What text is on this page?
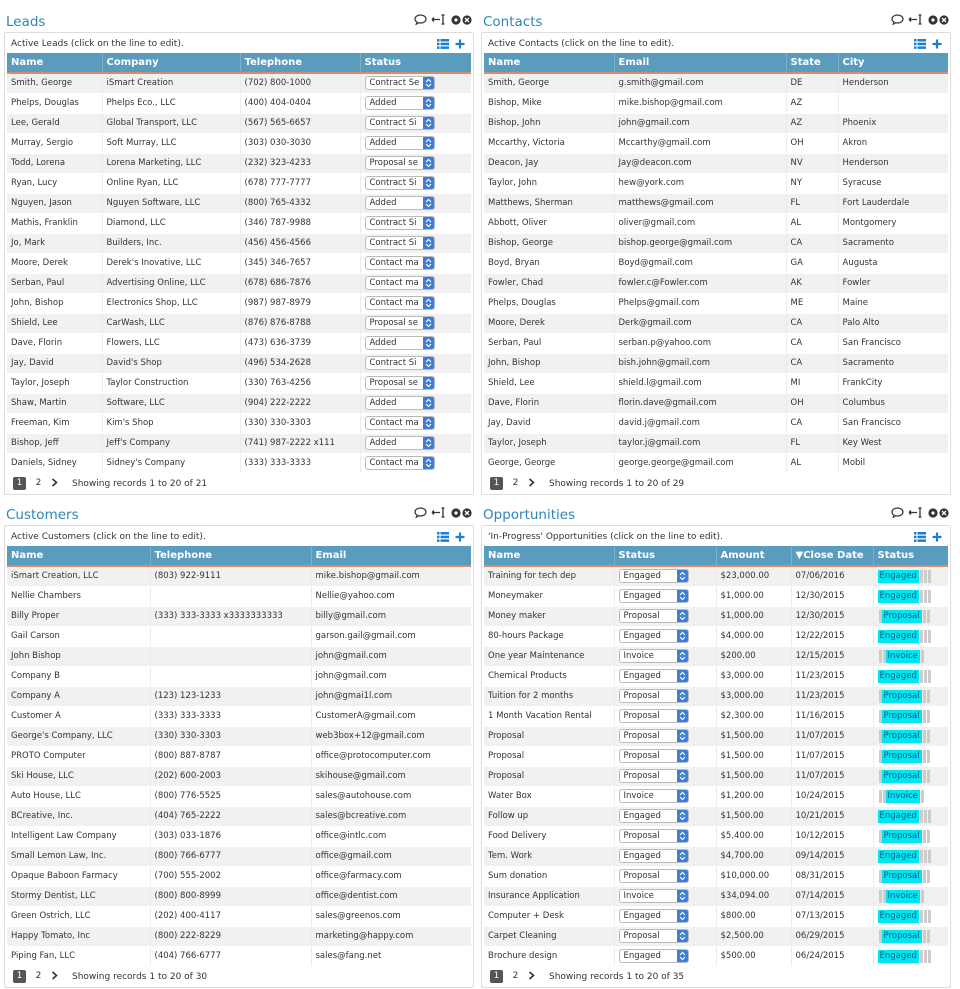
Leads
Active Leads (click on the line to edit).
Name	Company	Telephone	Status
Smith, George	iSmart Creation	(702) 800-1000	Contract Se

Phelps, Douglas	Phelps Eco., LLC	(400) 404-0404	Added

Lee, Gerald	Global Transport, LLC	(567) 565-6657	Contract Si

Murray, Sergio	Soft Murray, LLC	(303) 030-3030	Added

Todd, Lorena	Lorena Marketing, LLC	(232) 323-4233	Proposal se

Ryan, Lucy	Online Ryan, LLC	(678) 777-7777	Contract Si

Nguyen, Jason	Nguyen Software, LLC	(800) 765-4332	Added

Mathis, Franklin	Diamond, LLC	(346) 787-9988	Contract Si

Jo, Mark	Builders, Inc.	(456) 456-4566	Contract Si

Moore, Derek	Derek's Inovative, LLC	(345) 346-7657	Contact ma

Serban, Paul	Advertising Online, LLC	(678) 686-7876	Contact ma

John, Bishop	Electronics Shop, LLC	(987) 987-8979	Contact ma

Shield, Lee	CarWash, LLC	(876) 876-8788	Proposal se

Dave, Florin	Flowers, LLC	(473) 636-3739	Added

Jay, David	David's Shop	(496) 534-2628	Contract Si

Taylor, Joseph	Taylor Construction	(330) 763-4256	Proposal se

Shaw, Martin	Software, LLC	(904) 222-2222	Added

Freeman, Kim	Kim's Shop	(330) 330-3303	Contact ma

Bishop, Jeff	Jeff's Company	(741) 987-2222 x111	Added

Daniels, Sidney	Sidney's Company	(333) 333-3333	Contact ma
1	2	Showing records 1 to 20 of 21
Contacts
Active Contacts (click on the line to edit).
Name	Email	State	City
Smith, George	g.smith@gmail.com	DE	Henderson
Bishop, Mike	mike.bishop@gmail.com	AZ	
Bishop, John	john@gmail.com	AZ	Phoenix
Mccarthy, Victoria	Mccarthy@gmail.com	OH	Akron
Deacon, Jay	Jay@deacon.com	NV	Henderson
Taylor, John	hew@york.com	NY	Syracuse
Matthews, Sherman	matthews@gmail.com	FL	Fort Lauderdale
Abbott, Oliver	oliver@gmail.com	AL	Montgomery
Bishop, George	bishop.george@gmail.com	CA	Sacramento
Boyd, Bryan	Boyd@gmail.com	GA	Augusta
Fowler, Chad	fowler.c@Fowler.com	AK	Fowler
Phelps, Douglas	Phelps@gmail.com	ME	Maine
Moore, Derek	Derk@gmail.com	CA	Palo Alto
Serban, Paul	serban.p@yahoo.com	CA	San Francisco
John, Bishop	bish.john@gmail.com	CA	Sacramento
Shield, Lee	shield.l@gmail.com	MI	FrankCity
Dave, Florin	florin.dave@gmail.com	OH	Columbus
Jay, David	david.j@gmail.com	CA	San Francisco
Taylor, Joseph	taylor.j@gmail.com	FL	Key West
George, George	george.george@gmail.com	AL	Mobil
1	2	Showing records 1 to 20 of 29
Customers
Active Customers (click on the line to edit).
Name	Telephone	Email
iSmart Creation, LLC	(803) 922-9111	mike.bishop@gmail.com
Nellie Chambers		Nellie@yahoo.com
Billy Proper	(333) 333-3333 x3333333333	billy@gmail.com
Gail Carson		garson.gail@gmail.com
John Bishop		john@gmail.com
Company B		john@gmail.com
Company A	(123) 123-1233	john@gmai1l.com
Customer A	(333) 333-3333	CustomerA@gmail.com
George's Company, LLC	(330) 330-3303	web3box+12@gmail.com
PROTO Computer	(800) 887-8787	office@protocomputer.com
Ski House, LLC	(202) 600-2003	skihouse@gmail.com
Auto House, LLC	(800) 776-5525	sales@autohouse.com
BCreative, Inc.	(404) 765-2222	sales@bcreative.com
Intelligent Law Company	(303) 033-1876	office@intlc.com
Small Lemon Law, Inc.	(800) 766-6777	office@gmail.com
Opaque Baboon Farmacy	(700) 555-2002	office@farmacy.com
Stormy Dentist, LLC	(800) 800-8999	office@dentist.com
Green Ostrich, LLC	(202) 400-4117	sales@greenos.com
Happy Tomato, Inc	(800) 222-8229	marketing@happy.com
Piping Fan, LLC	(404) 766-6777	sales@fang.net
1	2	Showing records 1 to 20 of 30
Opportunities
'In-Progress' Opportunities (click on the line to edit).
Name	Status	Amount	▼Close Date	Status
Training for tech dep	Engaged	$23,000.00	07/06/2016	Engaged

Moneymaker	Engaged	$1,000.00	12/30/2015	Engaged

Money maker	Proposal	$1,000.00	12/30/2015	Proposal

80-hours Package	Engaged	$4,000.00	12/22/2015	Engaged

One year Maintenance	Invoice	$200.00	12/15/2015	Invoice

Chemical Products	Engaged	$3,000.00	11/23/2015	Engaged

Tuition for 2 months	Proposal	$3,000.00	11/23/2015	Proposal

1 Month Vacation Rental	Proposal	$2,300.00	11/16/2015	Proposal

Proposal	Proposal	$1,500.00	11/07/2015	Proposal

Proposal	Proposal	$1,500.00	11/07/2015	Proposal

Proposal	Proposal	$1,500.00	11/07/2015	Proposal

Water Box	Invoice	$1,200.00	10/24/2015	Invoice

Follow up	Engaged	$1,500.00	10/21/2015	Engaged

Food Delivery	Proposal	$5,400.00	10/12/2015	Proposal

Tem. Work	Engaged	$4,700.00	09/14/2015	Engaged

Sum donation	Proposal	$10,000.00	08/31/2015	Proposal

Insurance Application	Invoice	$34,094.00	07/14/2015	Invoice

Computer + Desk	Engaged	$800.00	07/13/2015	Engaged

Carpet Cleaning	Proposal	$2,500.00	06/29/2015	Proposal

Brochure design	Engaged	$500.00	06/24/2015	Engaged
1	2	Showing records 1 to 20 of 35
